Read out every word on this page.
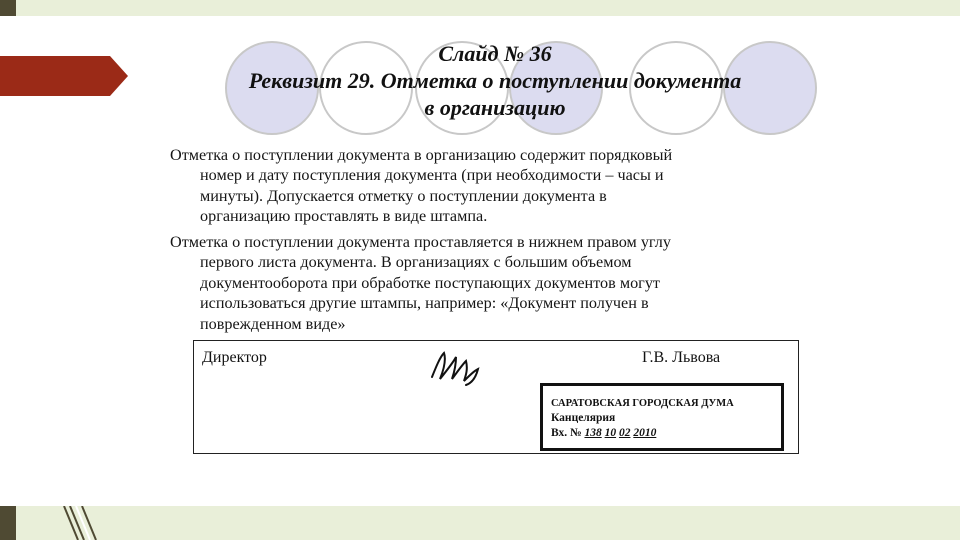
Слайд № 36
Реквизит 29. Отметка о поступлении документа
в организацию
Отметка о поступлении документа в организацию содержит порядковый
номер и дату поступления документа (при необходимости – часы и
минуты). Допускается отметку о поступлении документа в
организацию проставлять в виде штампа.
Отметка о поступлении документа проставляется в нижнем правом углу
первого листа документа. В организациях с большим объемом
документооборота при обработке поступающих документов могут
использоваться другие штампы, например: «Документ получен в
поврежденном виде»
Директор	Г.В. Львова
САРАТОВСКАЯ ГОРОДСКАЯ ДУМА
Канцелярия
Вх. № 138 10 02 2010
